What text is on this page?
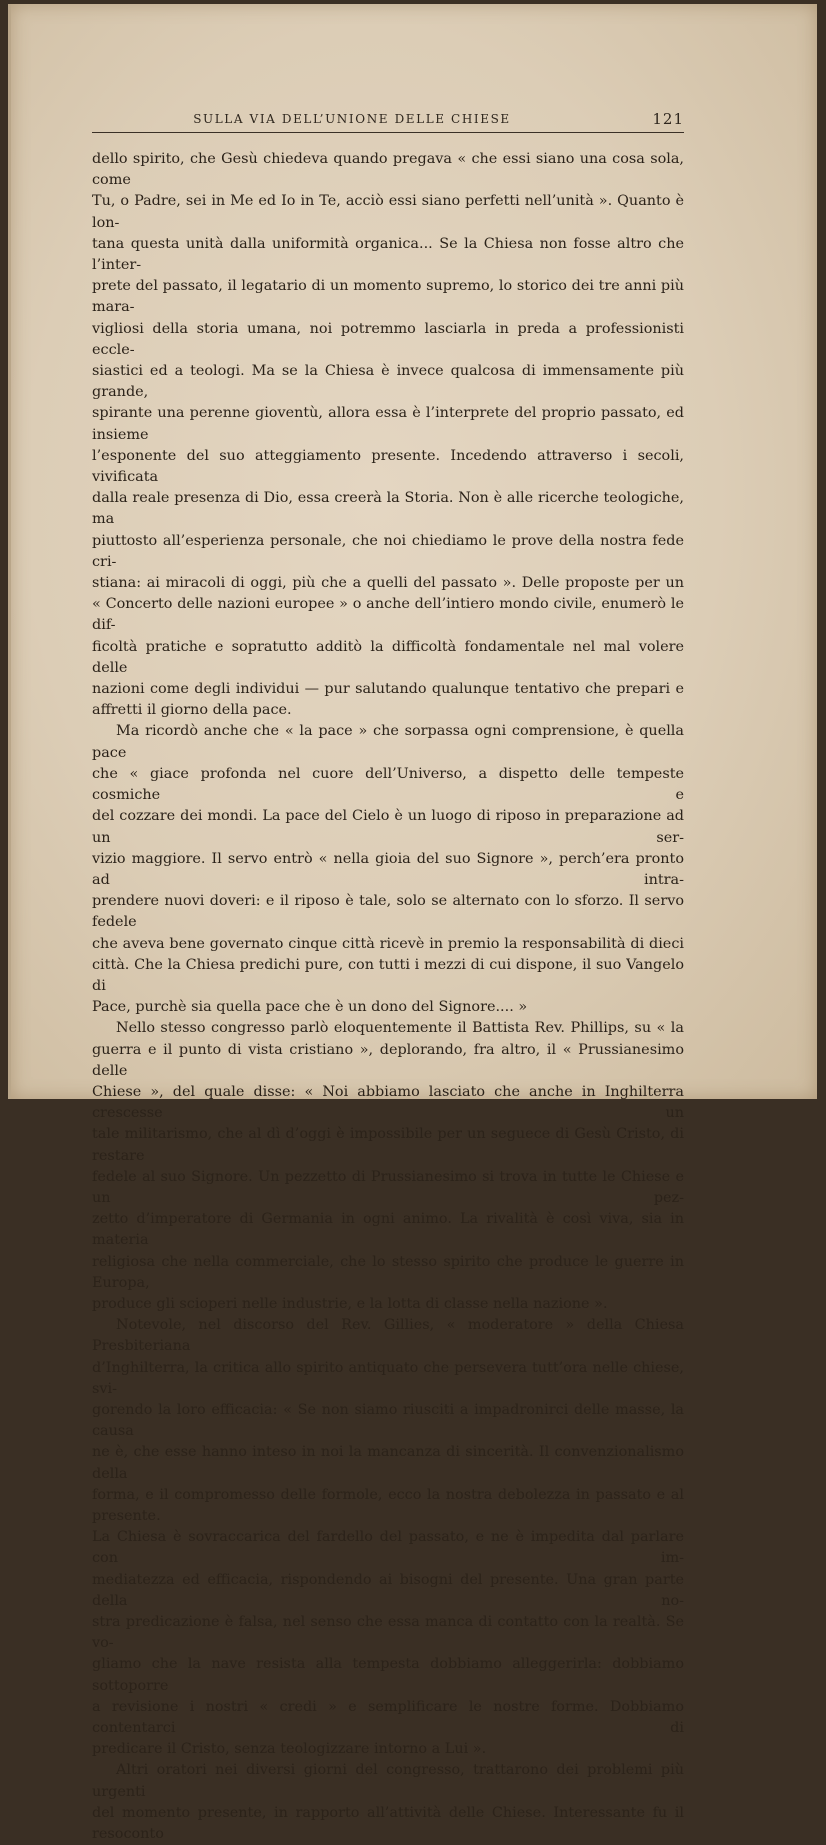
SULLA VIA DELL’UNIONE DELLE CHIESE	121

dello spirito, che Gesù chiedeva quando pregava « che essi siano una cosa sola, come

Tu, o Padre, sei in Me ed Io in Te, acciò essi siano perfetti nell’unità ». Quanto è lon-

tana questa unità dalla uniformità organica... Se la Chiesa non fosse altro che l’inter-

prete del passato, il legatario di un momento supremo, lo storico dei tre anni più mara-

vigliosi della storia umana, noi potremmo lasciarla in preda a professionisti eccle-

siastici ed a teologi. Ma se la Chiesa è invece qualcosa di immensamente più grande,

spirante una perenne gioventù, allora essa è l’interprete del proprio passato, ed insieme

l’esponente del suo atteggiamento presente. Incedendo attraverso i secoli, vivificata

dalla reale presenza di Dio, essa creerà la Storia. Non è alle ricerche teologiche, ma

piuttosto all’esperienza personale, che noi chiediamo le prove della nostra fede cri-

stiana: ai miracoli di oggi, più che a quelli del passato ». Delle proposte per un

« Concerto delle nazioni europee » o anche dell’intiero mondo civile, enumerò le dif-

ficoltà pratiche e sopratutto additò la difficoltà fondamentale nel mal volere delle

nazioni come degli individui — pur salutando qualunque tentativo che prepari e

affretti il giorno della pace.

Ma ricordò anche che « la pace » che sorpassa ogni comprensione, è quella pace

che « giace profonda nel cuore dell’Universo, a dispetto delle tempeste cosmiche e

del cozzare dei mondi. La pace del Cielo è un luogo di riposo in preparazione ad un ser-

vizio maggiore. Il servo entrò « nella gioia del suo Signore », perch’era pronto ad intra-

prendere nuovi doveri: e il riposo è tale, solo se alternato con lo sforzo. Il servo fedele

che aveva bene governato cinque città ricevè in premio la responsabilità di dieci

città. Che la Chiesa predichi pure, con tutti i mezzi di cui dispone, il suo Vangelo di

Pace, purchè sia quella pace che è un dono del Signore.... »

Nello stesso congresso parlò eloquentemente il Battista Rev. Phillips, su « la

guerra e il punto di vista cristiano », deplorando, fra altro, il « Prussianesimo delle

Chiese », del quale disse: « Noi abbiamo lasciato che anche in Inghilterra crescesse un

tale militarismo, che al dì d’oggi è impossibile per un seguece di Gesù Cristo, di restare

fedele al suo Signore. Un pezzetto di Prussianesimo si trova in tutte le Chiese e un pez-

zetto d’imperatore di Germania in ogni animo. La rivalità è così viva, sia in materia

religiosa che nella commerciale, che lo stesso spirito che produce le guerre in Europa,

produce gli scioperi nelle industrie, e la lotta di classe nella nazione ».

Notevole, nel discorso del Rev. Gillies, « moderatore » della Chiesa Presbiteriana

d’Inghilterra, la critica allo spirito antiquato che persevera tutt’ora nelle chiese, svi-

gorendo la loro efficacia: « Se non siamo riusciti a impadronirci delle masse, la causa

ne è, che esse hanno inteso in noi la mancanza di sincerità. Il convenzionalismo della

forma, e il compromesso delle formole, ecco la nostra debolezza in passato e al presente.

La Chiesa è sovraccarica del fardello del passato, e ne è impedita dal parlare con im-

mediatezza ed efficacia, rispondendo ai bisogni del presente. Una gran parte della no-

stra predicazione è falsa, nel senso che essa manca di contatto con la realtà. Se vo-

gliamo che la nave resista alla tempesta dobbiamo alleggerirla: dobbiamo sottoporre

a revisione i nostri « credi » e semplificare le nostre forme. Dobbiamo contentarci di

predicare il Cristo, senza teologizzare intorno a Lui ».

Altri oratori nei diversi giorni del congresso, trattarono dei problemi più urgenti

del momento presente, in rapporto all’attività delle Chiese. Interessante fu il resoconto
